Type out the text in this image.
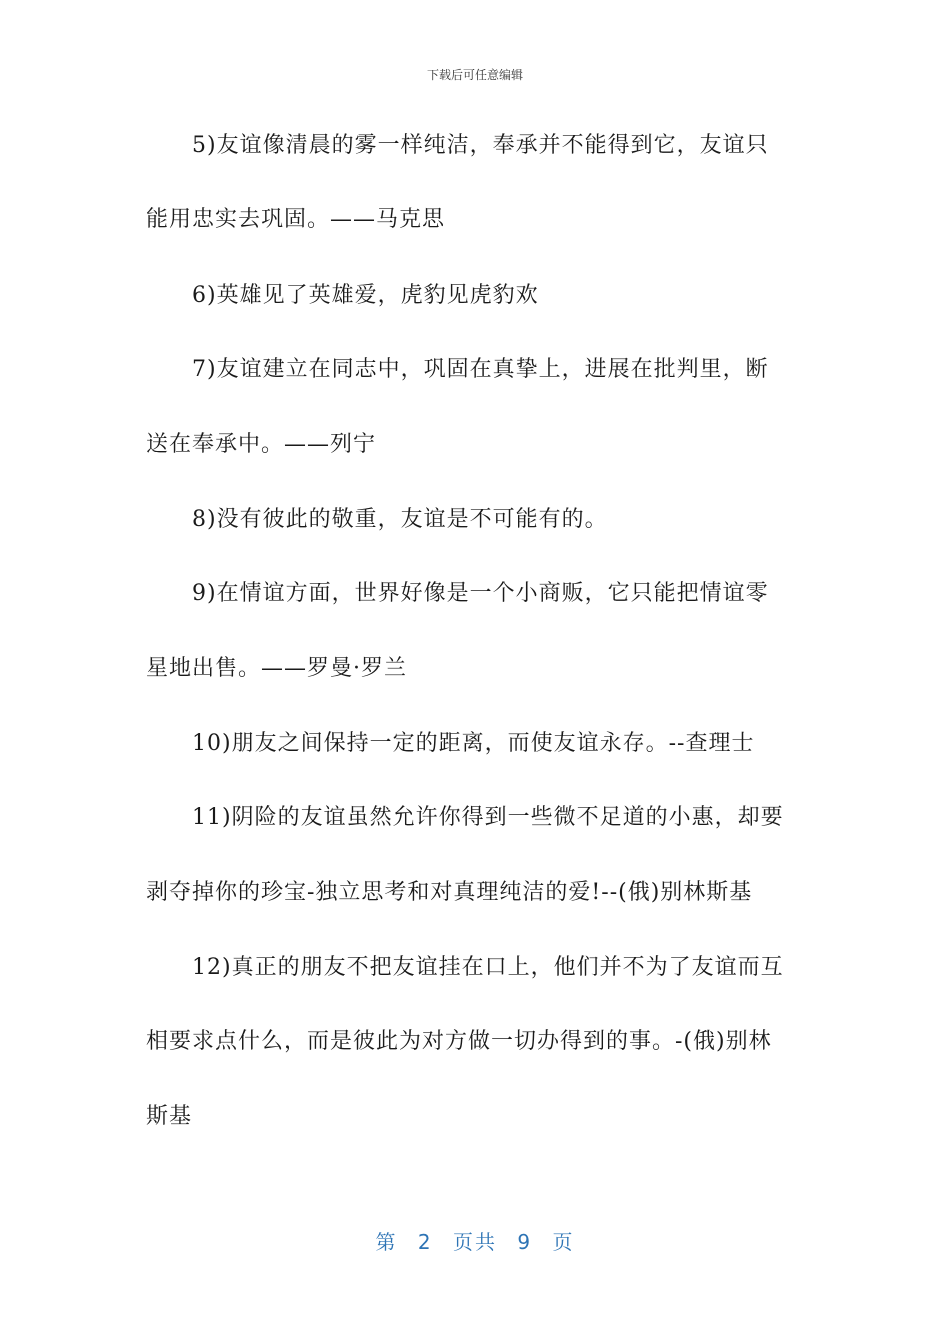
下载后可任意编辑
5)友谊像清晨的雾一样纯洁，奉承并不能得到它，友谊只
能用忠实去巩固。——马克思
6)英雄见了英雄爱，虎豹见虎豹欢
7)友谊建立在同志中，巩固在真挚上，进展在批判里，断
送在奉承中。——列宁
8)没有彼此的敬重，友谊是不可能有的。
9)在情谊方面，世界好像是一个小商贩，它只能把情谊零
星地出售。——罗曼·罗兰
10)朋友之间保持一定的距离，而使友谊永存。--查理士
11)阴险的友谊虽然允许你得到一些微不足道的小惠，却要
剥夺掉你的珍宝-独立思考和对真理纯洁的爱!--(俄)别林斯基
12)真正的朋友不把友谊挂在口上，他们并不为了友谊而互
相要求点什么，而是彼此为对方做一切办得到的事。-(俄)别林
斯基
第 2 页共 9 页
